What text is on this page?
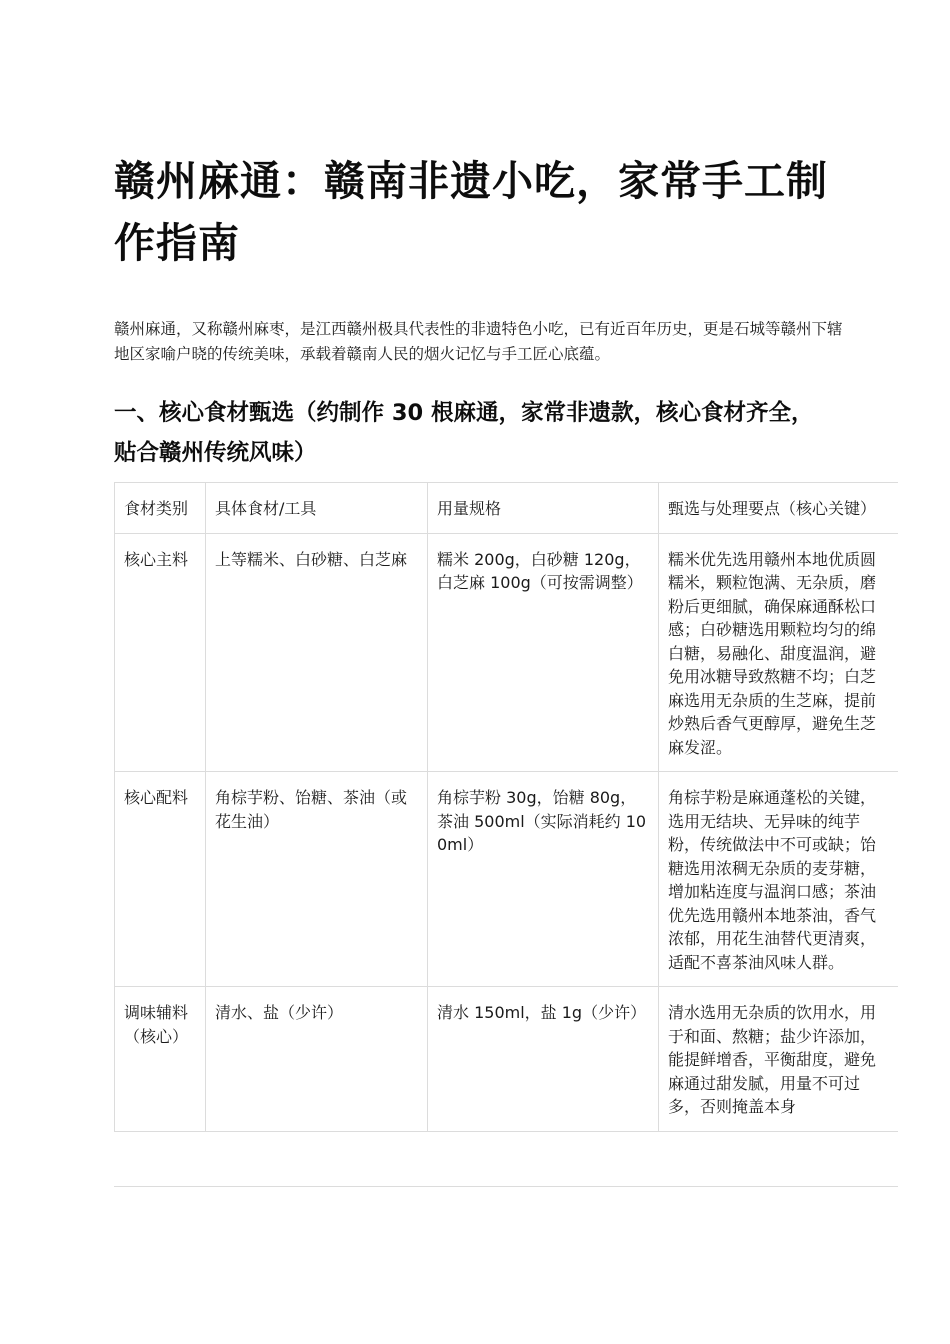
赣州麻通：赣南非遗小吃，家常手工制作指南

赣州麻通，又称赣州麻枣，是江西赣州极具代表性的非遗特色小吃，已有近百年历史，更是石城等赣州下辖地区家喻户晓的传统美味，承载着赣南人民的烟火记忆与手工匠心底蕴。

一、核心食材甄选（约制作 30 根麻通，家常非遗款，核心食材齐全，贴合赣州传统风味）
食材类别	具体食材/工具	用量规格	甄选与处理要点（核心关键）
核心主料	上等糯米、白砂糖、白芝麻	糯米 200g，白砂糖 120g，白芝麻 100g（可按需调整）	糯米优先选用赣州本地优质圆糯米，颗粒饱满、无杂质，磨粉后更细腻，确保麻通酥松口感；白砂糖选用颗粒均匀的绵白糖，易融化、甜度温润，避免用冰糖导致熬糖不均；白芝麻选用无杂质的生芝麻，提前炒熟后香气更醇厚，避免生芝麻发涩。
核心配料	角棕芋粉、饴糖、茶油（或花生油）	角棕芋粉 30g，饴糖 80g，茶油 500ml（实际消耗约 100ml）	角棕芋粉是麻通蓬松的关键，选用无结块、无异味的纯芋粉，传统做法中不可或缺；饴糖选用浓稠无杂质的麦芽糖，增加粘连度与温润口感；茶油优先选用赣州本地茶油，香气浓郁，用花生油替代更清爽，适配不喜茶油风味人群。
调味辅料（核心）	清水、盐（少许）	清水 150ml，盐 1g（少许）	清水选用无杂质的饮用水，用于和面、熬糖；盐少许添加，能提鲜增香，平衡甜度，避免麻通过甜发腻，用量不可过多，否则掩盖本身
